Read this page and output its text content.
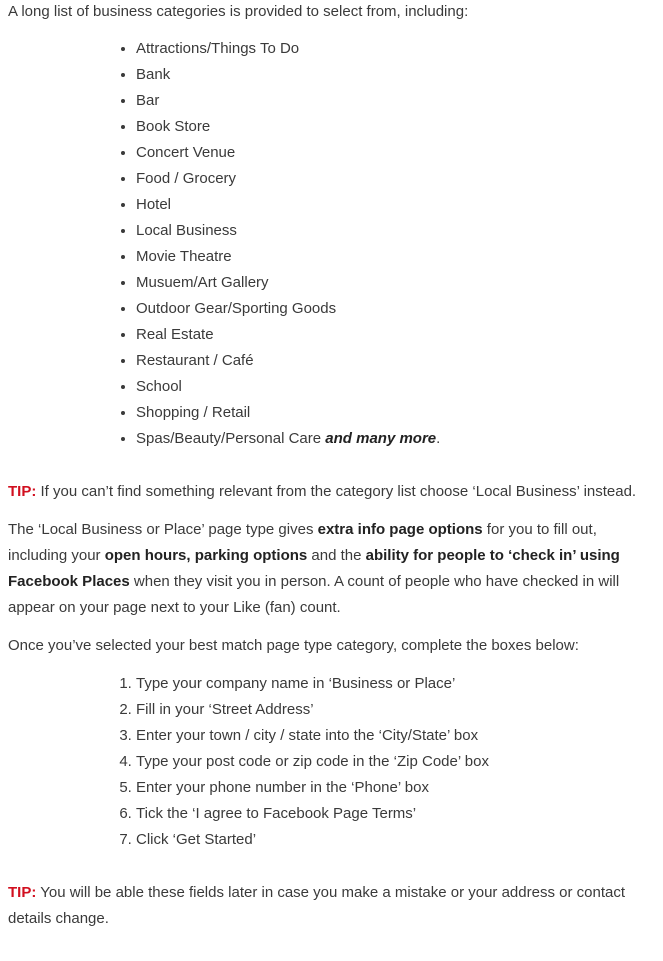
A long list of business categories is provided to select from, including:

• Attractions/Things To Do
• Bank
• Bar
• Book Store
• Concert Venue
• Food / Grocery
• Hotel
• Local Business
• Movie Theatre
• Musuem/Art Gallery
• Outdoor Gear/Sporting Goods
• Real Estate
• Restaurant / Café
• School
• Shopping / Retail
• Spas/Beauty/Personal Care and many more.

TIP: If you can’t find something relevant from the category list choose ‘Local Business’ instead.

The ‘Local Business or Place’ page type gives extra info page options for you to fill out, including your open hours, parking options and the ability for people to ‘check in’ using Facebook Places when they visit you in person. A count of people who have checked in will appear on your page next to your Like (fan) count.

Once you’ve selected your best match page type category, complete the boxes below:

1. Type your company name in ‘Business or Place’
2. Fill in your ‘Street Address’
3. Enter your town / city / state into the ‘City/State’ box
4. Type your post code or zip code in the ‘Zip Code’ box
5. Enter your phone number in the ‘Phone’ box
6. Tick the ‘I agree to Facebook Page Terms’
7. Click ‘Get Started’

TIP: You will be able these fields later in case you make a mistake or your address or contact details change.
